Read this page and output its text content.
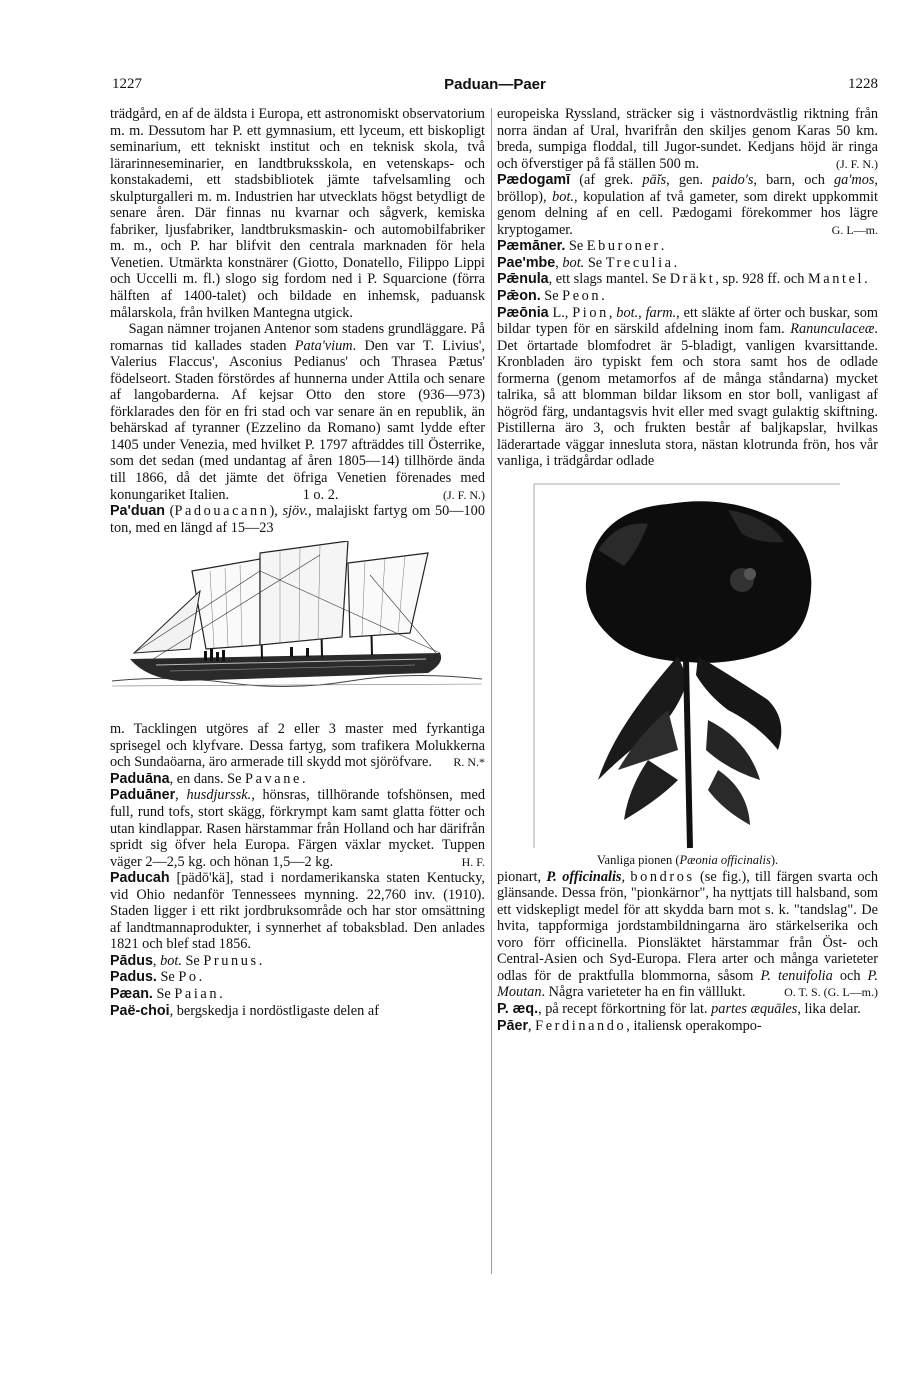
1227	Paduan—Paer	1228

trädgård, en af de äldsta i Europa, ett astronomiskt observatorium m. m. Dessutom har P. ett gymnasium, ett lyceum, ett biskopligt seminarium, ett tekniskt institut och en teknisk skola, två lärarinneseminarier, en landtbruksskola, en vetenskaps- och konstakademi, ett stadsbibliotek jämte tafvelsamling och skulpturgalleri m. m. Industrien har utvecklats högst betydligt de senare åren. Där finnas nu kvarnar och sågverk, kemiska fabriker, ljusfabriker, landtbruksmaskin- och automobilfabriker m. m., och P. har blifvit den centrala marknaden för hela Venetien. Utmärkta konstnärer (Giotto, Donatello, Filippo Lippi och Uccelli m. fl.) slogo sig fordom ned i P. Squarcione (förra hälften af 1400-talet) och bildade en inhemsk, paduansk målarskola, från hvilken Mantegna utgick.

Sagan nämner trojanen Antenor som stadens grundläggare. På romarnas tid kallades staden Pata'vium. Den var T. Livius', Valerius Flaccus', Asconius Pedianus' och Thrasea Pætus' födelseort. Staden förstördes af hunnerna under Attila och senare af langobarderna. Af kejsar Otto den store (936—973) förklarades den för en fri stad och var senare än en republik, än behärskad af tyranner (Ezzelino da Romano) samt lydde efter 1405 under Venezia, med hvilket P. 1797 afträddes till Österrike, som det sedan (med undantag af åren 1805—14) tillhörde ända till 1866, då det jämte det öfriga Venetien förenades med konungariket Italien.	1 o. 2.	(J. F. N.)

Pa'duan (Padouacann), sjöv., malajiskt fartyg om 50—100 ton, med en längd af 15—23

m. Tacklingen utgöres af 2 eller 3 master med fyrkantiga sprisegel och klyfvare. Dessa fartyg, som trafikera Molukkerna och Sundaöarna, äro armerade till skydd mot sjöröfvare. R. N.*

Paduāna, en dans. Se Pavane.

Paduāner, husdjurssk., hönsras, tillhörande tofshönsen, med full, rund tofs, stort skägg, förkrympt kam samt glatta fötter och utan kindlappar. Rasen härstammar från Holland och har därifrån spridt sig öfver hela Europa. Färgen växlar mycket. Tuppen väger 2—2,5 kg. och hönan 1,5—2 kg.	H. F.

Paducah [pädō'kä], stad i nordamerikanska staten Kentucky, vid Ohio nedanför Tennessees mynning. 22,760 inv. (1910). Staden ligger i ett rikt jordbruksområde och har stor omsättning af landtmannaprodukter, i synnerhet af tobaksblad. Den anlades 1821 och blef stad 1856.

Pādus, bot. Se Prunus.

Padus. Se Po.

Pæan. Se Paian.

Paë-choi, bergskedja i nordöstligaste delen af

europeiska Ryssland, sträcker sig i västnordvästlig riktning från norra ändan af Ural, hvarifrån den skiljes genom Karas 50 km. breda, sumpiga floddal, till Jugor-sundet. Kedjans höjd är ringa och öfverstiger på få ställen 500 m.	(J. F. N.)

Pædogamī (af grek. pā̆is, gen. paido's, barn, och ga'mos, bröllop), bot., kopulation af två gameter, som direkt uppkommit genom delning af en cell. Pædogami förekommer hos lägre kryptogamer.	G. L—m.

Pæmāner. Se Eburoner.

Pae'mbe, bot. Se Treculia.

Pǣnula, ett slags mantel. Se Dräkt, sp. 928 ff. och Mantel.

Pǣon. Se Peon.

Pæōnia L., Pion, bot., farm., ett släkte af örter och buskar, som bildar typen för en särskild afdelning inom fam. Ranunculaceæ. Det örtartade blomfodret är 5-bladigt, vanligen kvarsittande. Kronbladen äro typiskt fem och stora samt hos de odlade formerna (genom metamorfos af de många ståndarna) mycket talrika, så att blomman bildar liksom en stor boll, vanligast af högröd färg, undantagsvis hvit eller med svagt gulaktig skiftning. Pistillerna äro 3, och frukten består af baljkapslar, hvilkas läderartade väggar innesluta stora, nästan klotrunda frön, hos vår vanliga, i trädgårdar odlade

Vanliga pionen (Pæonia officinalis).

pionart, P. officinalis, bondros (se fig.), till färgen svarta och glänsande. Dessa frön, "pionkärnor", ha nyttjats till halsband, som ett vidskepligt medel för att skydda barn mot s. k. "tandslag". De hvita, tappformiga jordstambildningarna äro stärkelserika och voro förr officinella. Pionsläktet härstammar från Öst- och Central-Asien och Syd-Europa. Flera arter och många varieteter odlas för de praktfulla blommorna, såsom P. tenuifolia och P. Moutan. Några varieteter ha en fin välllukt.	O. T. S. (G. L—m.)

P. æq., på recept förkortning för lat. partes æquāles, lika delar.

Pāer, Ferdinando, italiensk operakompo-
